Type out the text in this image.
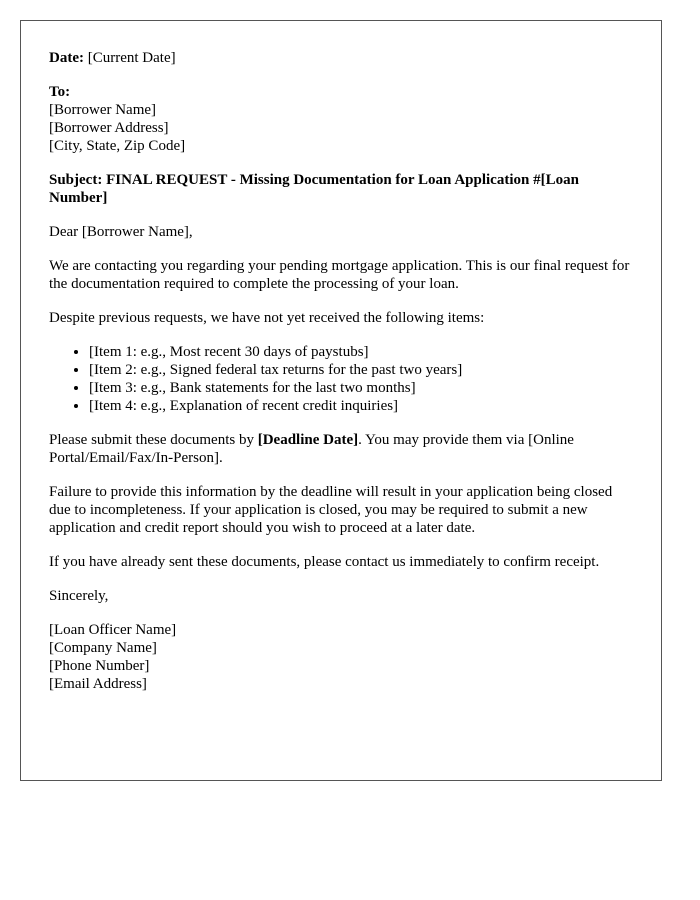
Date: [Current Date]

To:
[Borrower Name]
[Borrower Address]
[City, State, Zip Code]

Subject: FINAL REQUEST - Missing Documentation for Loan Application #[Loan Number]

Dear [Borrower Name],

We are contacting you regarding your pending mortgage application. This is our final request for the documentation required to complete the processing of your loan.

Despite previous requests, we have not yet received the following items:

• [Item 1: e.g., Most recent 30 days of paystubs]
• [Item 2: e.g., Signed federal tax returns for the past two years]
• [Item 3: e.g., Bank statements for the last two months]
• [Item 4: e.g., Explanation of recent credit inquiries]

Please submit these documents by [Deadline Date]. You may provide them via [Online Portal/Email/Fax/In-Person].

Failure to provide this information by the deadline will result in your application being closed due to incompleteness. If your application is closed, you may be required to submit a new application and credit report should you wish to proceed at a later date.

If you have already sent these documents, please contact us immediately to confirm receipt.

Sincerely,

[Loan Officer Name]
[Company Name]
[Phone Number]
[Email Address]
